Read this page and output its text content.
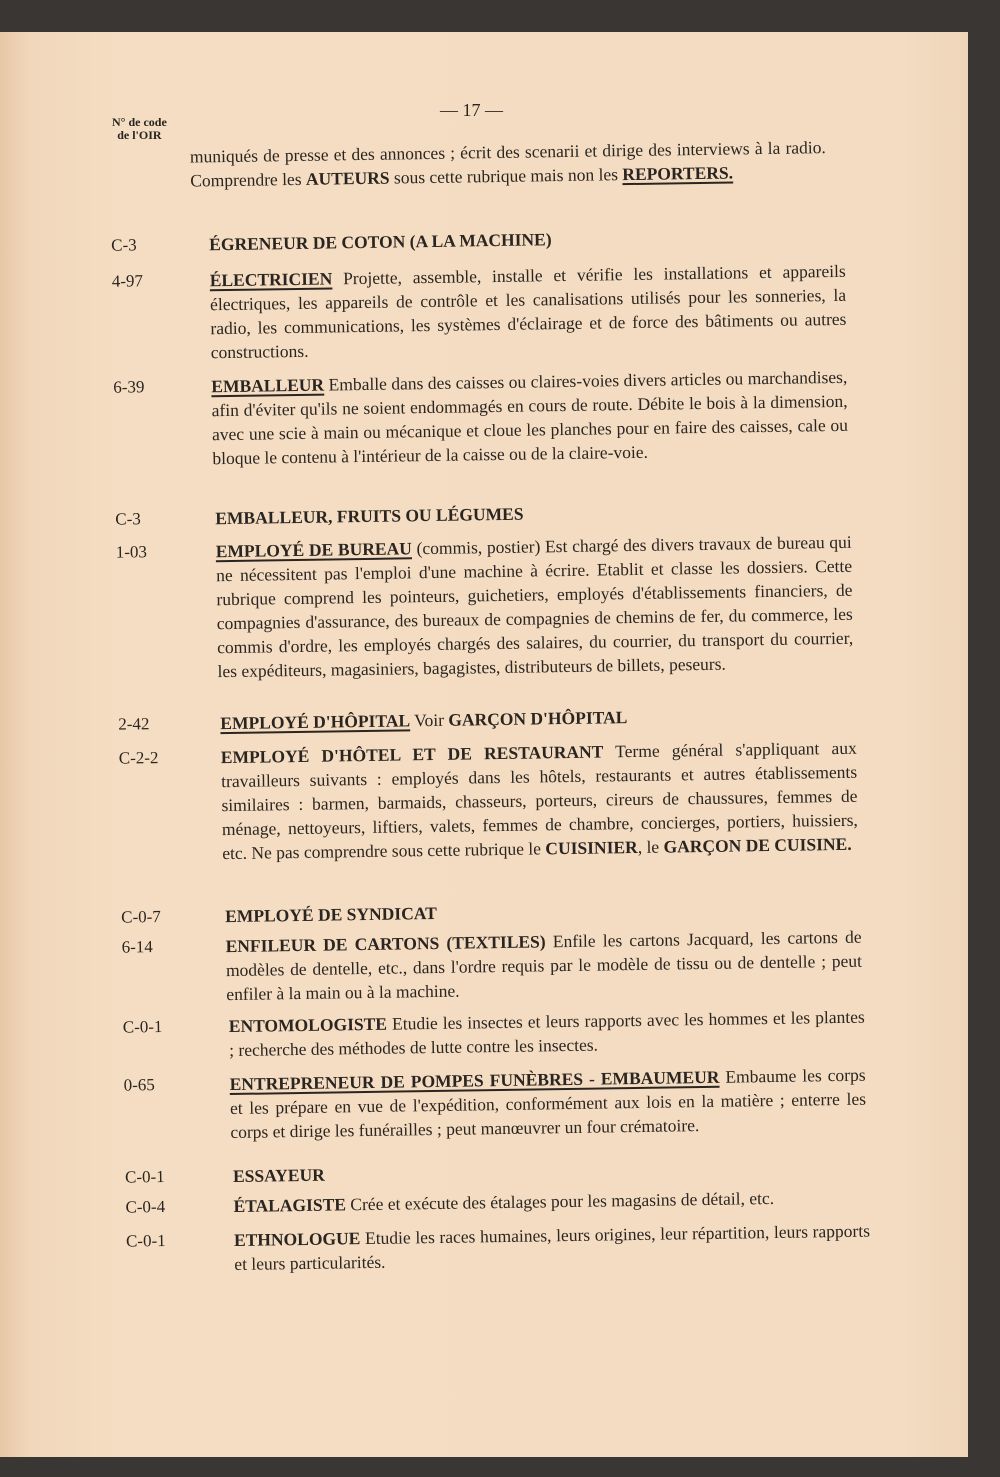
— 17 —
N° de code
de l'OIR
muniqués de presse et des annonces ; écrit des scenarii et dirige des interviews à la radio. Comprendre les AUTEURS sous cette rubrique mais non les REPORTERS.
C-3	ÉGRENEUR DE COTON (A LA MACHINE)
4-97	ÉLECTRICIEN Projette, assemble, installe et vérifie les installations et appareils électriques, les appareils de contrôle et les canalisations utilisés pour les sonneries, la radio, les communications, les systèmes d'éclairage et de force des bâtiments ou autres constructions.
6-39	EMBALLEUR Emballe dans des caisses ou claires-voies divers articles ou marchandises, afin d'éviter qu'ils ne soient endommagés en cours de route. Débite le bois à la dimension, avec une scie à main ou mécanique et cloue les planches pour en faire des caisses, cale ou bloque le contenu à l'intérieur de la caisse ou de la claire-voie.
C-3	EMBALLEUR, FRUITS OU LÉGUMES
1-03	EMPLOYÉ DE BUREAU (commis, postier) Est chargé des divers travaux de bureau qui ne nécessitent pas l'emploi d'une machine à écrire. Etablit et classe les dossiers. Cette rubrique comprend les pointeurs, guichetiers, employés d'établissements financiers, de compagnies d'assurance, des bureaux de compagnies de chemins de fer, du commerce, les commis d'ordre, les employés chargés des salaires, du courrier, du transport du courrier, les expéditeurs, magasiniers, bagagistes, distributeurs de billets, peseurs.
2-42	EMPLOYÉ D'HÔPITAL Voir GARÇON D'HÔPITAL
C-2-2	EMPLOYÉ D'HÔTEL ET DE RESTAURANT Terme général s'appliquant aux travailleurs suivants : employés dans les hôtels, restaurants et autres établissements similaires : barmen, barmaids, chasseurs, porteurs, cireurs de chaussures, femmes de ménage, nettoyeurs, liftiers, valets, femmes de chambre, concierges, portiers, huissiers, etc. Ne pas comprendre sous cette rubrique le CUISINIER, le GARÇON DE CUISINE.
C-0-7	EMPLOYÉ DE SYNDICAT
6-14	ENFILEUR DE CARTONS (TEXTILES) Enfile les cartons Jacquard, les cartons de modèles de dentelle, etc., dans l'ordre requis par le modèle de tissu ou de dentelle ; peut enfiler à la main ou à la machine.
C-0-1	ENTOMOLOGISTE Etudie les insectes et leurs rapports avec les hommes et les plantes ; recherche des méthodes de lutte contre les insectes.
0-65	ENTREPRENEUR DE POMPES FUNÈBRES - EMBAUMEUR Embaume les corps et les prépare en vue de l'expédition, conformément aux lois en la matière ; enterre les corps et dirige les funérailles ; peut manœuvrer un four crématoire.
C-0-1	ESSAYEUR
C-0-4	ÉTALAGISTE Crée et exécute des étalages pour les magasins de détail, etc.
C-0-1	ETHNOLOGUE Etudie les races humaines, leurs origines, leur répartition, leurs rapports et leurs particularités.
